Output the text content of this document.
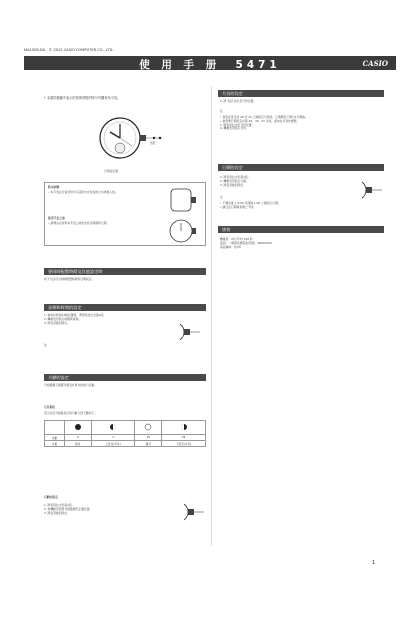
MA1506-DA © 2015 CASIO COMPUTER CO., LTD.
使 用 手 册 5471	CASIO
• 本書的插圖中表示的是與實際的時分外觀有所不同。
月相指示盤
表冠
防水防塵
• 本手表在日常使用中以其防水水性為防止水珠進入的。
使用手表之前
• 請務必在使用本手表之前首先設定時間和日期。
要同時配置時間及其他設定時
如下方法可以同時配置時間和日期設定。
星期和時間的設定
1. 當秒針移到12時位置時，將表冠拉出至第2段。
2. 轉動表冠設定時間與星期。
3. 將表冠推回原位。
注
月齡的設定
月相盤顯示根據月相表計算出的當日月齡。
月亮相位
表示所需月相盤表示的月齡大約天數如下。

月齡	0	7	15	22
月相	新月	上弦月(半月)	滿月	下弦月(半月)
月齡的設定
1. 將表冠拉出至第1段。
2. 再轉動表冠將月相盤調至正確位置。
3. 將表冠推回原位。
月份的设定
1. 將 表冠 拉出至月份位置。
注
• 當您在某日的 28 至 31 之間設定月份時，日期將從下個月1日開始。
• 當您將日期設定於第 29、30、31 日時，請勿在月初作調整。
1. 將表冠拉出至月份位置。
2. 轉動表冠設定月份。
日期的设定
1. 將表冠拉出至第1段。
2. 轉動表冠設定日期。
3. 將表冠推回原位。
注
• 不要在晚上 9:00 至清晨 1:00 之間設定日期。
• 請注意日期與星期之不同。
规格
精確度：每月平均 ±20 秒
電池：一個氧化銀電池(型號：SR621SW)
電池壽命：約3年
1
